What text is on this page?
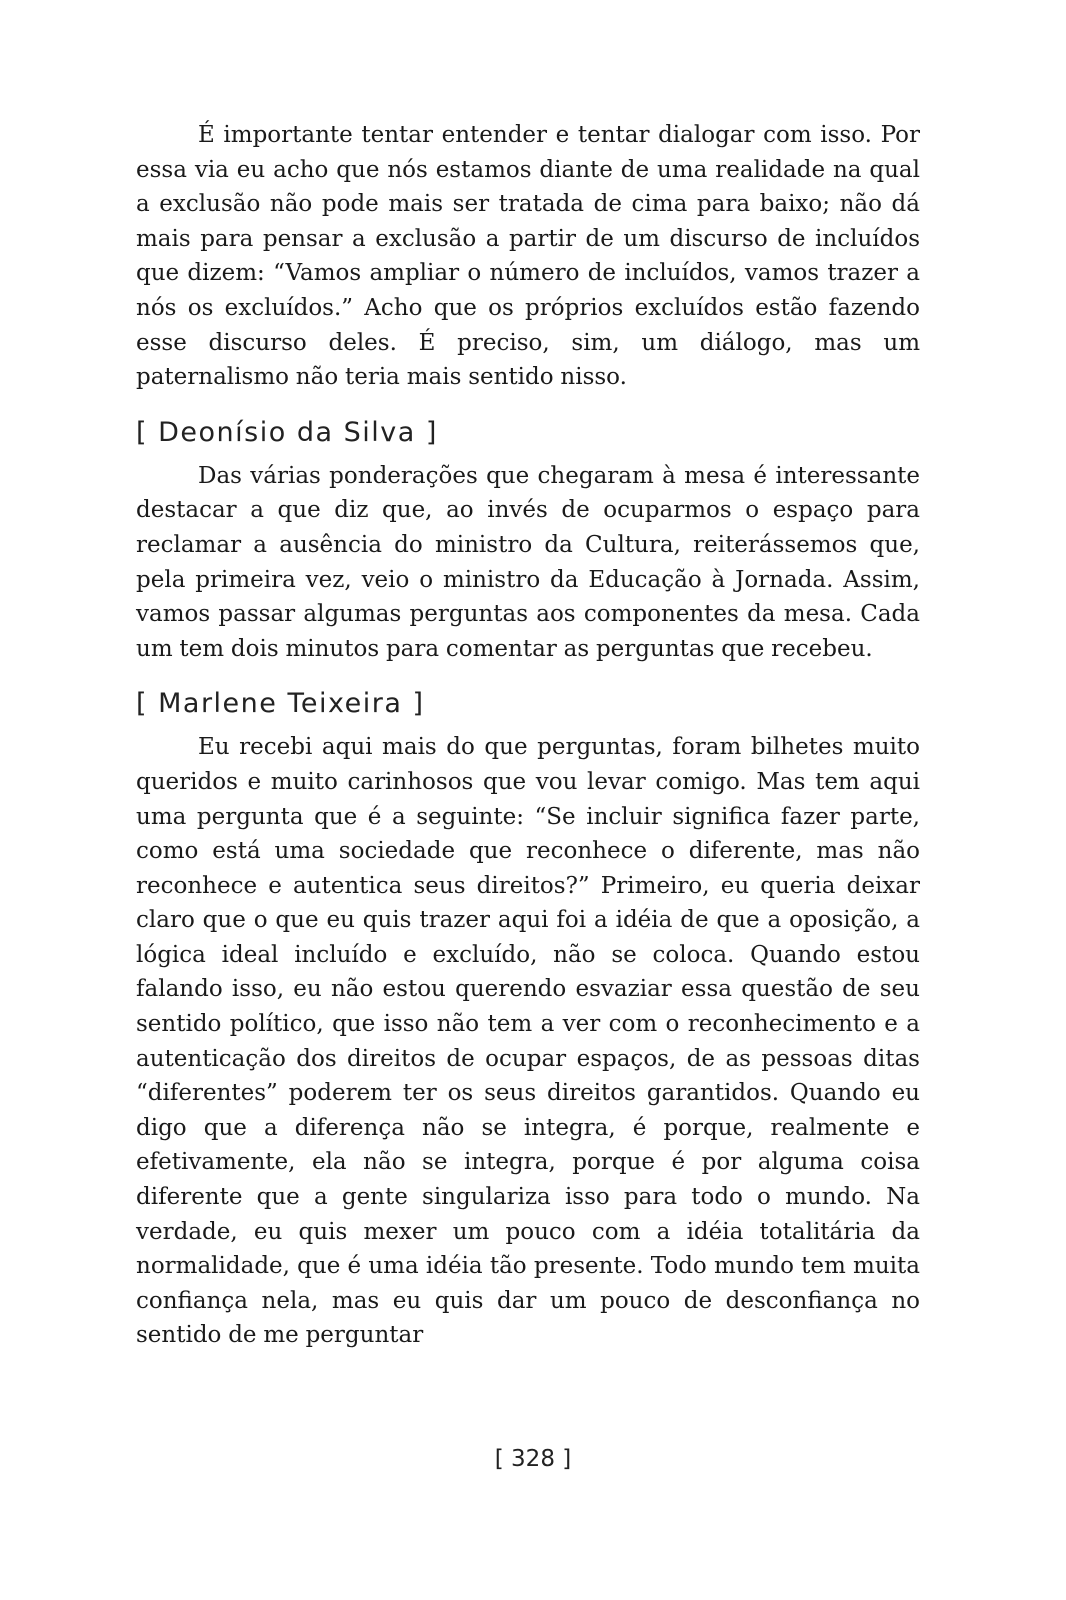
É importante tentar entender e tentar dialogar com isso. Por essa via eu acho que nós estamos diante de uma realidade na qual a exclusão não pode mais ser tratada de cima para baixo; não dá mais para pensar a exclusão a partir de um discurso de incluídos que dizem: “Vamos ampliar o número de incluídos, vamos trazer a nós os excluídos.” Acho que os próprios excluídos estão fazendo esse discurso deles. É preciso, sim, um diálogo, mas um paternalismo não teria mais sentido nisso.

[ Deonísio da Silva ]

Das várias ponderações que chegaram à mesa é interessante destacar a que diz que, ao invés de ocuparmos o espaço para reclamar a ausência do ministro da Cultura, reiterássemos que, pela primeira vez, veio o ministro da Educação à Jornada. Assim, vamos passar algumas perguntas aos componentes da mesa. Cada um tem dois minutos para comentar as perguntas que recebeu.

[ Marlene Teixeira ]

Eu recebi aqui mais do que perguntas, foram bilhetes muito queridos e muito carinhosos que vou levar comigo. Mas tem aqui uma pergunta que é a seguinte: “Se incluir significa fazer parte, como está uma sociedade que reconhece o diferente, mas não reconhece e autentica seus direitos?” Primeiro, eu queria deixar claro que o que eu quis trazer aqui foi a idéia de que a oposição, a lógica ideal incluído e excluído, não se coloca. Quando estou falando isso, eu não estou querendo esvaziar essa questão de seu sentido político, que isso não tem a ver com o reconhecimento e a autenticação dos direitos de ocupar espaços, de as pessoas ditas “diferentes” poderem ter os seus direitos garantidos. Quando eu digo que a diferença não se integra, é porque, realmente e efetivamente, ela não se integra, porque é por alguma coisa diferente que a gente singulariza isso para todo o mundo. Na verdade, eu quis mexer um pouco com a idéia totalitária da normalidade, que é uma idéia tão presente. Todo mundo tem muita confiança nela, mas eu quis dar um pouco de desconfiança no sentido de me perguntar

[ 328 ]
